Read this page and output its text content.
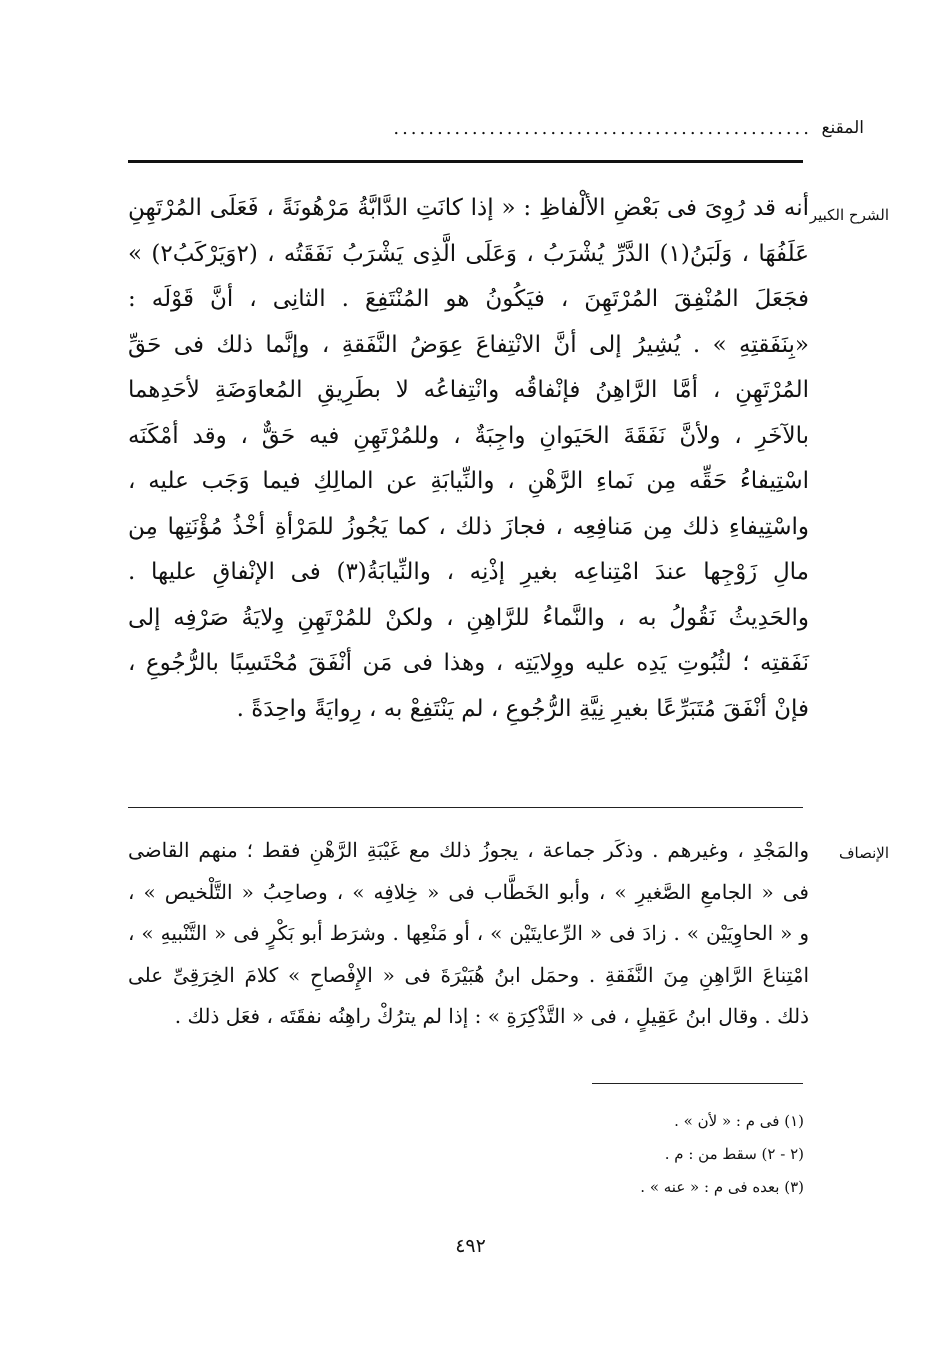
المقنع
................................................
الشرح الكبير
أنه قد رُوِىَ فى بَعْضِ الألْفاظِ : « إذا كانَتِ الدَّابَّةُ مَرْهُونَةً ، فَعَلَى المُرْتَهِنِ
عَلَفُهَا ، وَلَبَنُ(١) الدَّرِّ يُشْرَبُ ، وَعَلَى الَّذِى يَشْرَبُ نَفَقَتُه ، (٢وَيَرْكَبُ٢) »
فجَعَلَ المُنْفِقَ المُرْتَهِنَ ، فيَكُونُ هو المُنْتَفِعَ . الثانِى ، أنَّ قَوْلَه :
«بِنَفَقتِهِ » . يُشِيرُ إلى أنَّ الانْتِفاعَ عِوَضُ النَّفَقةِ ، وإنَّما ذلك فى حَقِّ
المُرْتَهِنِ ، أمَّا الرَّاهِنُ فإنْفاقُه وانْتِفاعُه لا بطَرِيقِ المُعاوَضَةِ لأحَدِهما
بالآخَرِ ، ولأنَّ نَفَقَةَ الحَيَوانِ واجِبَةٌ ، وللمُرْتَهِنِ فيه حَقٌّ ، وقد أمْكَنَه
اسْتِيفاءُ حَقِّه مِن نَماءِ الرَّهْنِ ، والنِّيابَةِ عن المالِكِ فيما وَجَب عليه ،
واسْتِيفاءِ ذلك مِن مَنافِعِه ، فجازَ ذلك ، كما يَجُوزُ للمَرْأةِ أخْذُ مُؤْنَتِها مِن
مالِ زَوْجِها عندَ امْتِناعِه بغيرِ إذْنِه ، والنِّيابَةُ(٣) فى الإنْفاقِ عليها .
والحَدِيثُ نَقُولُ به ، والنَّماءُ للرَّاهِنِ ، ولكنْ للمُرْتَهِنِ وِلايَةُ صَرْفِه إلى
نَفَقتِه ؛ لثُبُوتِ يَدِه عليه ووِلايَتِه ، وهذا فى مَن أنْفَقَ مُحْتَسِبًا بالرُّجُوعِ ،
فإنْ أنْفَقَ مُتَبَرِّعًا بغيرِ نِيَّةِ الرُّجُوعِ ، لم يَنْتَفِعْ به ، رِوايَةً واحِدَةً .
الإنصاف
والمَجْدِ ، وغيرهم . وذكَر جماعة ، يجوزُ ذلك مع غَيْبَةِ الرَّهْنِ فقط ؛ منهم القاضى
فى « الجامعِ الصَّغيرِ » ، وأبو الخَطَّاب فى « خِلافِه » ، وصاحِبُ « التَّلْخيص » ،
و « الحاوِيَيْن » . زادَ فى « الرِّعايتَيْن » ، أو مَنْعِها . وشرَط أبو بَكْرٍ فى « التَّنْبيهِ » ،
امْتِناعَ الرَّاهِنِ مِنَ النَّفَقةِ . وحمَل ابنُ هُبَيْرَةَ فى « الإِفْصاحِ » كلامَ الخِرَقِىِّ على
ذلك . وقال ابنُ عَقِيلٍ ، فى « التَّذْكِرَةِ » : إذا لم يترُكْ راهِنُه نفقَتَه ، فعَل ذلك .
(١) فى م : « لأن » .
(٢ - ٢) سقط من : م .
(٣) بعده فى م : « عنه » .
٤٩٢
